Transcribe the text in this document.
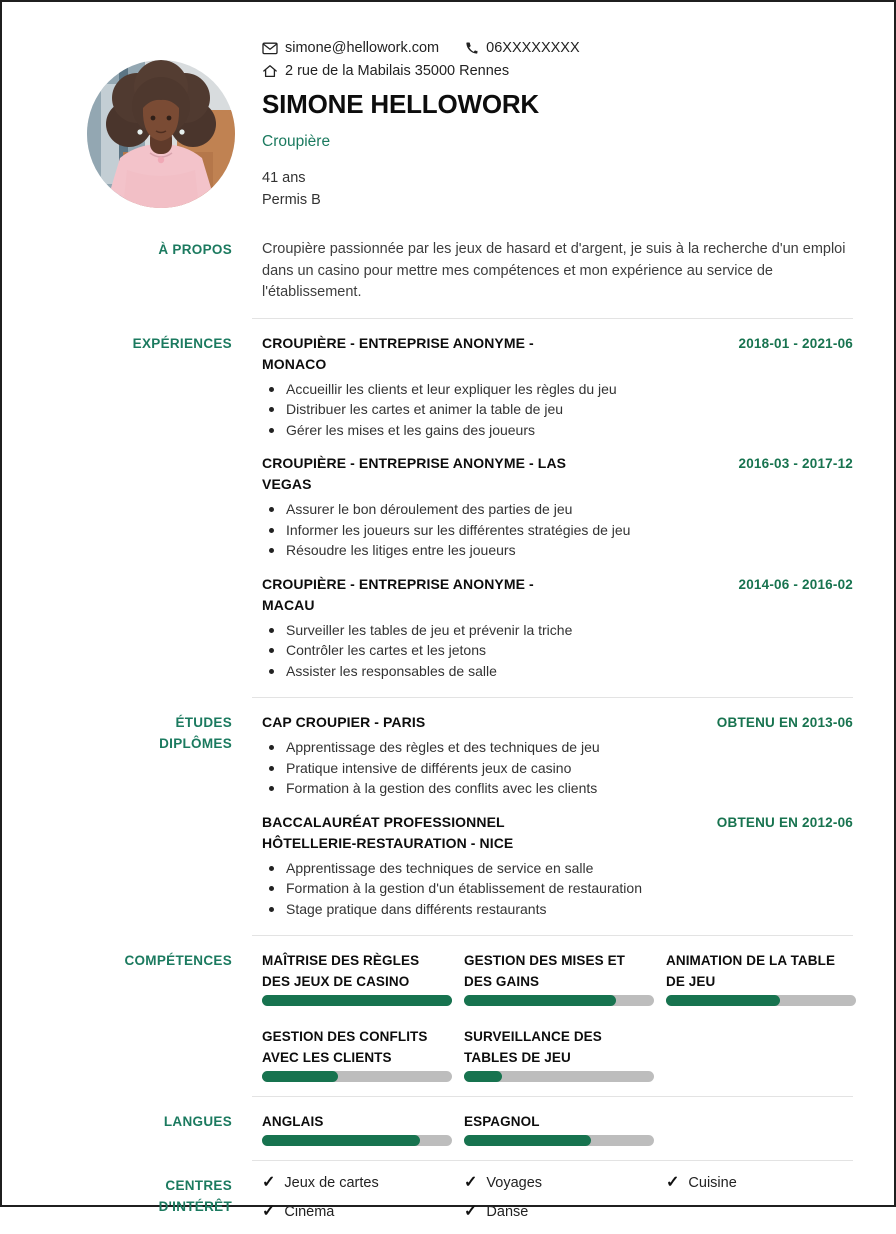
simone@hellowork.com	06XXXXXXXX
2 rue de la Mabilais 35000 Rennes
SIMONE HELLOWORK
Croupière
41 ans
Permis B
À PROPOS Croupière passionnée par les jeux de hasard et d'argent, je suis à la recherche d'un emploi dans un casino pour mettre mes compétences et mon expérience au service de l'établissement.

EXPÉRIENCES CROUPIÈRE - ENTREPRISE ANONYME - MONACO
2018-01 - 2021-06
Accueillir les clients et leur expliquer les règles du jeu
Distribuer les cartes et animer la table de jeu
Gérer les mises et les gains des joueurs
CROUPIÈRE - ENTREPRISE ANONYME - LAS VEGAS
2016-03 - 2017-12
Assurer le bon déroulement des parties de jeu
Informer les joueurs sur les différentes stratégies de jeu
Résoudre les litiges entre les joueurs
CROUPIÈRE - ENTREPRISE ANONYME - MACAU
2014-06 - 2016-02
Surveiller les tables de jeu et prévenir la triche
Contrôler les cartes et les jetons
Assister les responsables de salle
ÉTUDES DIPLÔMES
CAP CROUPIER - PARIS	OBTENU EN 2013-06
Apprentissage des règles et des techniques de jeu
Pratique intensive de différents jeux de casino
Formation à la gestion des conflits avec les clients
BACCALAURÉAT PROFESSIONNEL HÔTELLERIE-RESTAURATION - NICE
OBTENU EN 2012-06
Apprentissage des techniques de service en salle
Formation à la gestion d'un établissement de restauration
Stage pratique dans différents restaurants
COMPÉTENCES MAÎTRISE DES RÈGLES DES JEUX DE CASINO
GESTION DES MISES ET DES GAINS
ANIMATION DE LA TABLE DE JEU
GESTION DES CONFLITS AVEC LES CLIENTS
SURVEILLANCE DES TABLES DE JEU
LANGUES ANGLAIS	ESPAGNOL
CENTRES D'INTÉRÊT
✓ Jeux de cartes	✓ Voyages	✓ Cuisine
✓ Cinéma	✓ Danse
